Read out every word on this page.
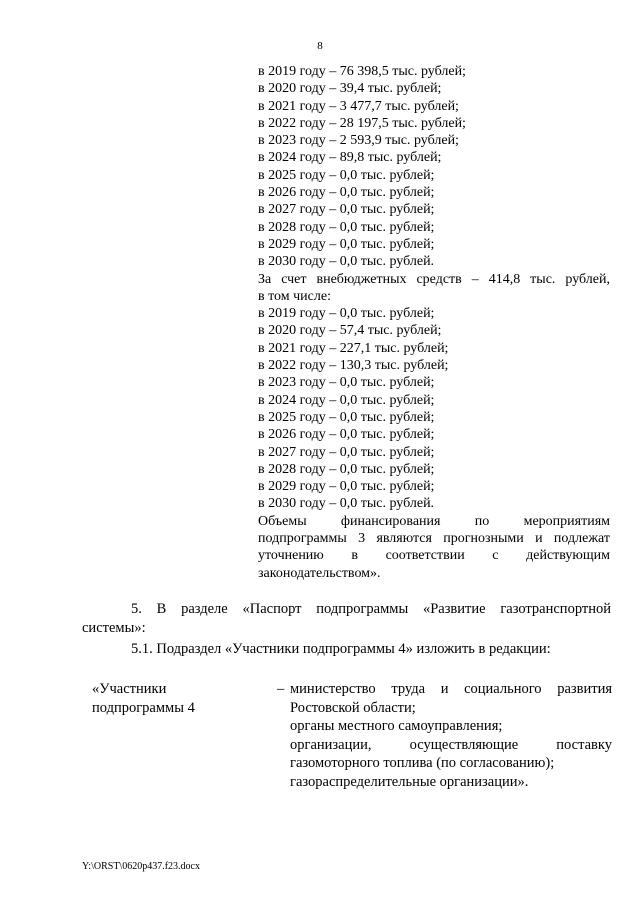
8
в 2019 году – 76 398,5 тыс. рублей;
в 2020 году – 39,4 тыс. рублей;
в 2021 году – 3 477,7 тыс. рублей;
в 2022 году – 28 197,5 тыс. рублей;
в 2023 году – 2 593,9 тыс. рублей;
в 2024 году – 89,8 тыс. рублей;
в 2025 году – 0,0 тыс. рублей;
в 2026 году – 0,0 тыс. рублей;
в 2027 году – 0,0 тыс. рублей;
в 2028 году – 0,0 тыс. рублей;
в 2029 году – 0,0 тыс. рублей;
в 2030 году – 0,0 тыс. рублей.
За счет внебюджетных средств – 414,8 тыс. рублей,
в том числе:
в 2019 году – 0,0 тыс. рублей;
в 2020 году – 57,4 тыс. рублей;
в 2021 году – 227,1 тыс. рублей;
в 2022 году – 130,3 тыс. рублей;
в 2023 году – 0,0 тыс. рублей;
в 2024 году – 0,0 тыс. рублей;
в 2025 году – 0,0 тыс. рублей;
в 2026 году – 0,0 тыс. рублей;
в 2027 году – 0,0 тыс. рублей;
в 2028 году – 0,0 тыс. рублей;
в 2029 году – 0,0 тыс. рублей;
в 2030 году – 0,0 тыс. рублей.
Объемы финансирования по мероприятиям
подпрограммы 3 являются прогнозными и подлежат
уточнению в соответствии с действующим
законодательством».
5. В разделе «Паспорт подпрограммы «Развитие газотранспортной
системы»:
5.1. Подраздел «Участники подпрограммы 4» изложить в редакции:
«Участники
подпрограммы 4
– министерство труда и социального развития
Ростовской области;
органы местного самоуправления;
организации, осуществляющие поставку
газомоторного топлива (по согласованию);
газораспределительные организации».
Y:\ORST\0620p437.f23.docx
